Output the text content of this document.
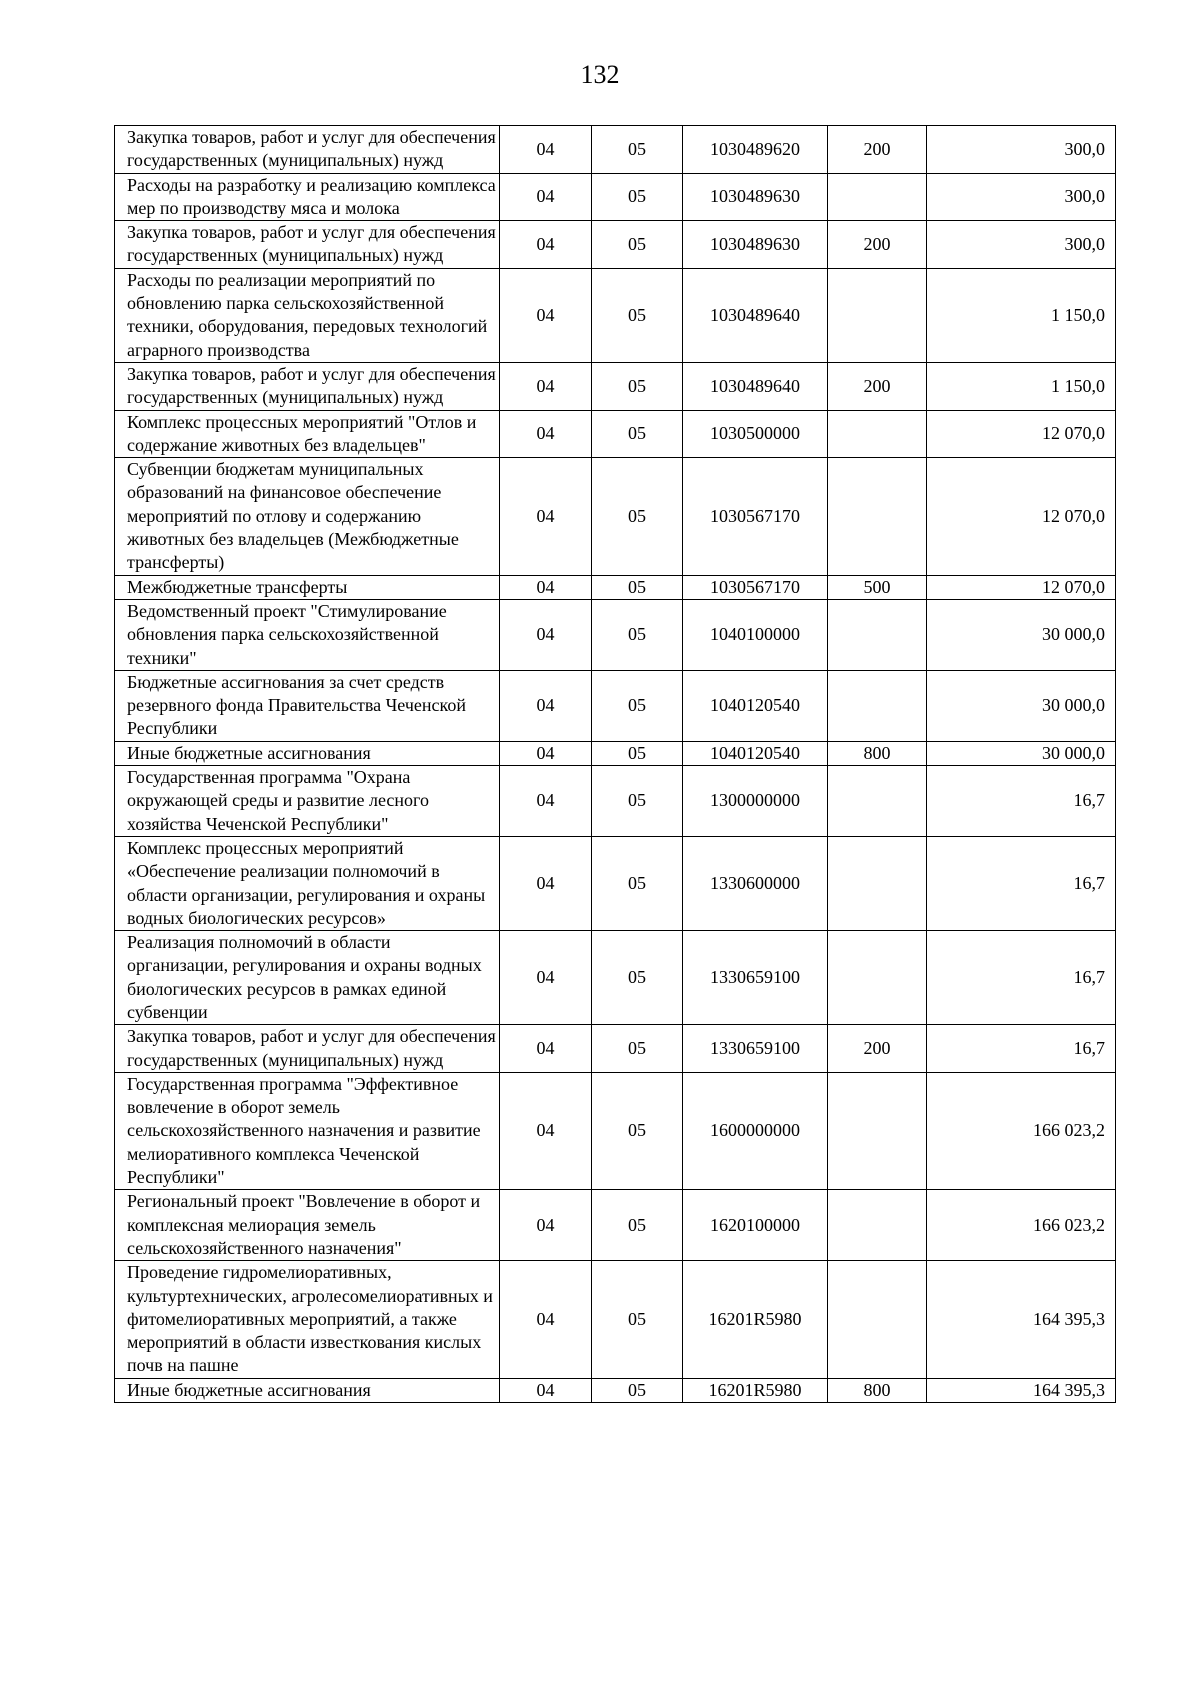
132
Закупка товаров, работ и услуг для обеспечения государственных (муниципальных) нужд	04	05	1030489620	200	300,0
Расходы на разработку и реализацию комплекса мер по производству мяса и молока	04	05	1030489630		300,0
Закупка товаров, работ и услуг для обеспечения государственных (муниципальных) нужд	04	05	1030489630	200	300,0
Расходы по реализации мероприятий по обновлению парка сельскохозяйственной техники, оборудования, передовых технологий аграрного производства	04	05	1030489640		1 150,0
Закупка товаров, работ и услуг для обеспечения государственных (муниципальных) нужд	04	05	1030489640	200	1 150,0
Комплекс процессных мероприятий "Отлов и содержание животных без владельцев"	04	05	1030500000		12 070,0
Субвенции бюджетам муниципальных образований на финансовое обеспечение мероприятий по отлову и содержанию животных без владельцев (Межбюджетные трансферты)	04	05	1030567170		12 070,0
Межбюджетные трансферты	04	05	1030567170	500	12 070,0
Ведомственный проект "Стимулирование обновления парка сельскохозяйственной техники"	04	05	1040100000		30 000,0
Бюджетные ассигнования за счет средств резервного фонда Правительства Чеченской Республики	04	05	1040120540		30 000,0
Иные бюджетные ассигнования	04	05	1040120540	800	30 000,0
Государственная программа "Охрана окружающей среды и развитие лесного хозяйства Чеченской Республики"	04	05	1300000000		16,7
Комплекс процессных мероприятий «Обеспечение реализации полномочий в области организации, регулирования и охраны водных биологических ресурсов»	04	05	1330600000		16,7
Реализация полномочий в области организации, регулирования и охраны водных биологических ресурсов в рамках единой субвенции	04	05	1330659100		16,7
Закупка товаров, работ и услуг для обеспечения государственных (муниципальных) нужд	04	05	1330659100	200	16,7
Государственная программа "Эффективное вовлечение в оборот земель сельскохозяйственного назначения и развитие мелиоративного комплекса Чеченской Республики"	04	05	1600000000		166 023,2
Региональный проект "Вовлечение в оборот и комплексная мелиорация земель сельскохозяйственного назначения"	04	05	1620100000		166 023,2
Проведение гидромелиоративных, культуртехнических, агролесомелиоративных и фитомелиоративных мероприятий, а также мероприятий в области известкования кислых почв на пашне	04	05	16201R5980		164 395,3
Иные бюджетные ассигнования	04	05	16201R5980	800	164 395,3
